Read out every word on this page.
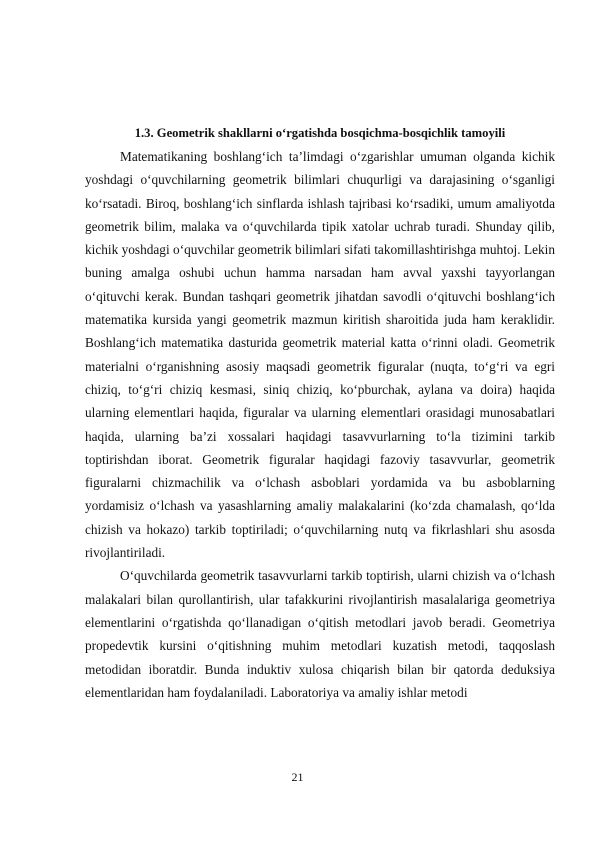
1.3. Geometrik shakllarni o‘rgatishda bosqichma-bosqichlik tamoyili

Matematikaning boshlang‘ich ta’limdagi o‘zgarishlar umuman olganda kichik yoshdagi o‘quvchilarning geometrik bilimlari chuqurligi va darajasining o‘sganligi ko‘rsatadi. Biroq, boshlang‘ich sinflarda ishlash tajribasi ko‘rsadiki, umum amaliyotda geometrik bilim, malaka va o‘quvchilarda tipik xatolar uchrab turadi. Shunday qilib, kichik yoshdagi o‘quvchilar geometrik bilimlari sifati takomillashtirishga muhtoj. Lekin buning amalga oshubi uchun hamma narsadan ham avval yaxshi tayyorlangan o‘qituvchi kerak. Bundan tashqari geometrik jihatdan savodli o‘qituvchi boshlang‘ich matematika kursida yangi geometrik mazmun kiritish sharoitida juda ham keraklidir. Boshlang‘ich matematika dasturida geometrik material katta o‘rinni oladi. Geometrik materialni o‘rganishning asosiy maqsadi geometrik figuralar (nuqta, to‘g‘ri va egri chiziq, to‘g‘ri chiziq kesmasi, siniq chiziq, ko‘pburchak, aylana va doira) haqida ularning elementlari haqida, figuralar va ularning elementlari orasidagi munosabatlari haqida, ularning ba’zi xossalari haqidagi tasavvurlarning to‘la tizimini tarkib toptirishdan iborat. Geometrik figuralar haqidagi fazoviy tasavvurlar, geometrik figuralarni chizmachilik va o‘lchash asboblari yordamida va bu asboblarning yordamisiz o‘lchash va yasashlarning amaliy malakalarini (ko‘zda chamalash, qo‘lda chizish va hokazo) tarkib toptiriladi; o‘quvchilarning nutq va fikrlashlari shu asosda rivojlantiriladi.

O‘quvchilarda geometrik tasavvurlarni tarkib toptirish, ularni chizish va o‘lchash malakalari bilan qurollantirish, ular tafakkurini rivojlantirish masalalariga geometriya elementlarini o‘rgatishda qo‘llanadigan o‘qitish metodlari javob beradi. Geometriya propedevtik kursini o‘qitishning muhim metodlari kuzatish metodi, taqqoslash metodidan iboratdir. Bunda induktiv xulosa chiqarish bilan bir qatorda deduksiya elementlaridan ham foydalaniladi. Laboratoriya va amaliy ishlar metodi

21
